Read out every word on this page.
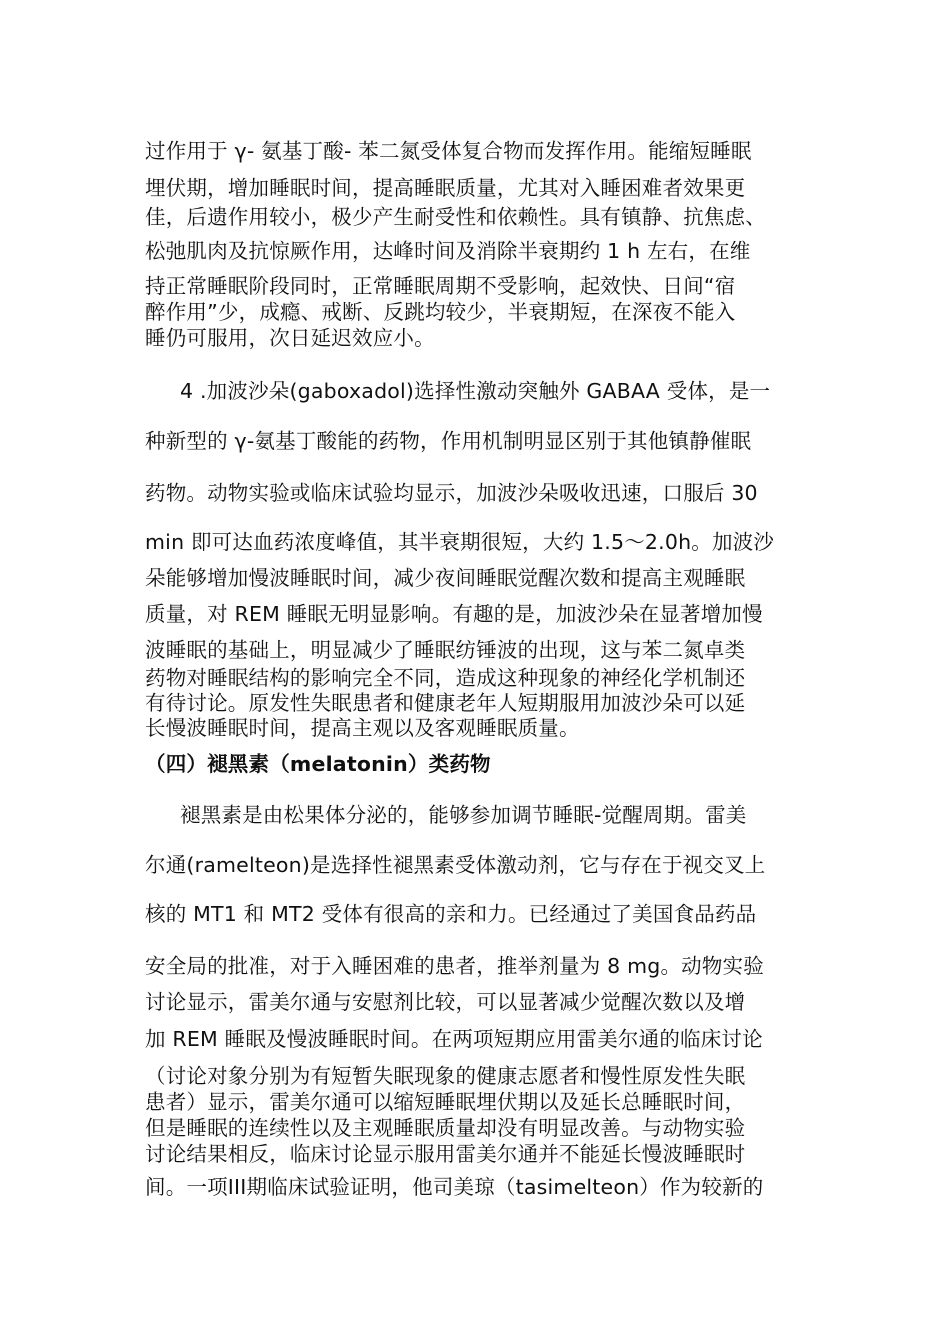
过作用于 γ- 氨基丁酸- 苯二氮受体复合物而发挥作用。能缩短睡眠
埋伏期，增加睡眠时间，提高睡眠质量，尤其对入睡困难者效果更
佳，后遗作用较小，极少产生耐受性和依赖性。具有镇静、抗焦虑、
松弛肌肉及抗惊厥作用，达峰时间及消除半衰期约 1 h 左右，在维
持正常睡眠阶段同时，正常睡眠周期不受影响，起效快、日间“宿
醉作用”少，成瘾、戒断、反跳均较少，半衰期短，在深夜不能入
睡仍可服用，次日延迟效应小。
4 .加波沙朵(gaboxadol)选择性激动突触外 GABAA 受体，是一
种新型的 γ-氨基丁酸能的药物，作用机制明显区别于其他镇静催眠
药物。动物实验或临床试验均显示，加波沙朵吸收迅速，口服后 30
min 即可达血药浓度峰值，其半衰期很短，大约 1.5～2.0h。加波沙
朵能够增加慢波睡眠时间，减少夜间睡眠觉醒次数和提高主观睡眠
质量，对 REM 睡眠无明显影响。有趣的是，加波沙朵在显著增加慢
波睡眠的基础上，明显减少了睡眠纺锤波的出现，这与苯二氮卓类
药物对睡眠结构的影响完全不同，造成这种现象的神经化学机制还
有待讨论。原发性失眠患者和健康老年人短期服用加波沙朵可以延
长慢波睡眠时间，提高主观以及客观睡眠质量。
（四）褪黑素（melatonin）类药物
褪黑素是由松果体分泌的，能够参加调节睡眠-觉醒周期。雷美
尔通(ramelteon)是选择性褪黑素受体激动剂，它与存在于视交叉上
核的 MT1 和 MT2 受体有很高的亲和力。已经通过了美国食品药品
安全局的批准，对于入睡困难的患者，推举剂量为 8 mg。动物实验
讨论显示，雷美尔通与安慰剂比较，可以显著减少觉醒次数以及增
加 REM 睡眠及慢波睡眠时间。在两项短期应用雷美尔通的临床讨论
（讨论对象分别为有短暂失眠现象的健康志愿者和慢性原发性失眠
患者）显示，雷美尔通可以缩短睡眠埋伏期以及延长总睡眠时间，
但是睡眠的连续性以及主观睡眠质量却没有明显改善。与动物实验
讨论结果相反，临床讨论显示服用雷美尔通并不能延长慢波睡眠时
间。一项III期临床试验证明，他司美琼（tasimelteon）作为较新的
